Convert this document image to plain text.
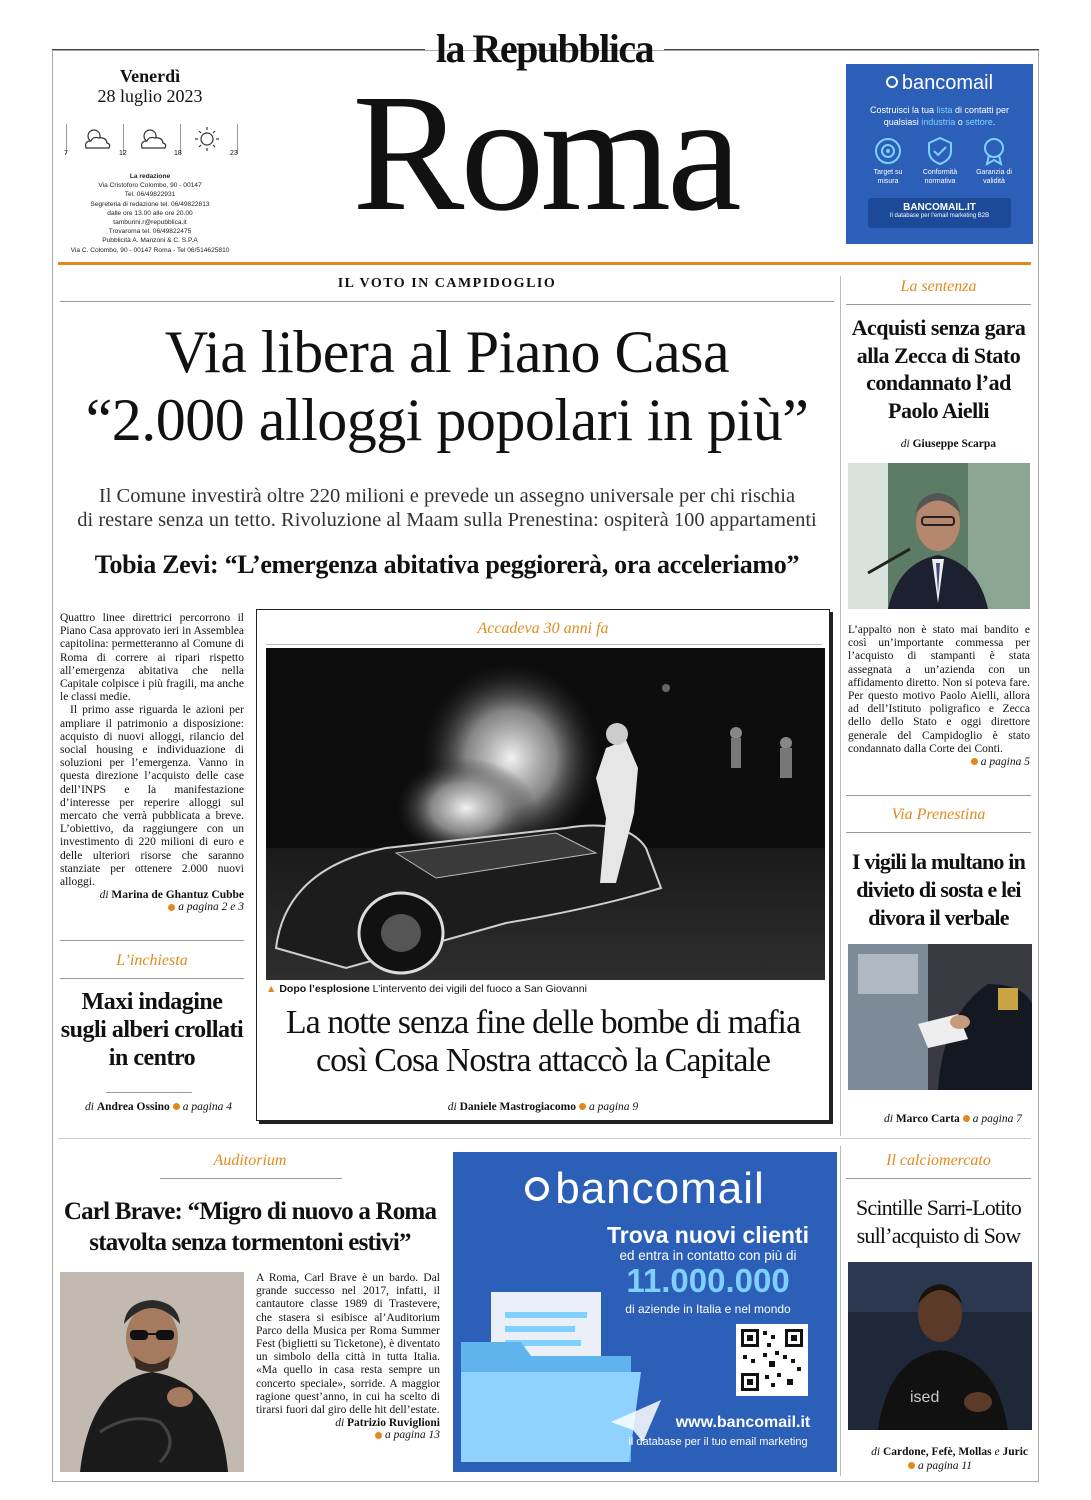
la Repubblica
Roma
Venerdì
28 luglio 2023
7	12	18	23
La redazione
Via Cristoforo Colombo, 90 - 00147
Tel. 06/49822931
Segreteria di redazione tel. 06/49822813
dalle ore 13.00 alle ore 20.00
tamburini.r@repubblica.it
Trovaroma tel. 06/49822475
Pubblicità A. Manzoni & C. S.P.A
Via C. Colombo, 90 - 00147 Roma - Tel 06/514625810
bancomail
Costruisci la tua lista di contatti per qualsiasi industria o settore.
Target su misura
Conformità normativa
Garanzia di validità
BANCOMAIL.IT
Il database per l'email marketing B2B
IL VOTO IN CAMPIDOGLIO
Via libera al Piano Casa
“2.000 alloggi popolari in più”
Il Comune investirà oltre 220 milioni e prevede un assegno universale per chi rischia
di restare senza un tetto. Rivoluzione al Maam sulla Prenestina: ospiterà 100 appartamenti
Tobia Zevi: “L’emergenza abitativa peggiorerà, ora acceleriamo”

Quattro linee direttrici percorrono il Piano Casa approvato ieri in Assemblea capitolina: permetteranno al Comune di Roma di correre ai ripari rispetto all’emergenza abitativa che nella Capitale colpisce i più fragili, ma anche le classi medie.

Il primo asse riguarda le azioni per ampliare il patrimonio a disposizione: acquisto di nuovi alloggi, rilancio del social housing e individuazione di soluzioni per l’emergenza. Vanno in questa direzione l’acquisto delle case dell’INPS e la manifestazione d’interesse per reperire alloggi sul mercato che verrà pubblicata a breve. L’obiettivo, da raggiungere con un investimento di 220 milioni di euro e delle ulteriori risorse che saranno stanziate per ottenere 2.000 nuovi alloggi.

di Marina de Ghantuz Cubbe
a pagina 2 e 3
L’inchiesta
Maxi indagine sugli alberi crollati in centro
di Andrea Ossino a pagina 4
Accadeva 30 anni fa
▲ Dopo l’esplosione L’intervento dei vigili del fuoco a San Giovanni
La notte senza fine delle bombe di mafia
così Cosa Nostra attaccò la Capitale
di Daniele Mastrogiacomo a pagina 9
La sentenza
Acquisti senza gara alla Zecca di Stato condannato l’ad Paolo Aielli
di Giuseppe Scarpa

L’appalto non è stato mai bandito e così un’importante commessa per l’acquisto di stampanti è stata assegnata a un’azienda con un affidamento diretto. Non si poteva fare. Per questo motivo Paolo Aielli, allora ad dell’Istituto poligrafico e Zecca dello dello Stato e oggi direttore generale del Campidoglio è stato condannato dalla Corte dei Conti.

a pagina 5
Via Prenestina
I vigili la multano in divieto di sosta e lei divora il verbale
di Marco Carta a pagina 7
Auditorium
Carl Brave: “Migro di nuovo a Roma stavolta senza tormentoni estivi”

A Roma, Carl Brave è un bardo. Dal grande successo nel 2017, infatti, il cantautore classe 1989 di Trastevere, che stasera si esibisce al’Auditorium Parco della Musica per Roma Summer Fest (biglietti su Ticketone), è diventato un simbolo della città in tutta Italia. «Ma quello in casa resta sempre un concerto speciale», sorride. A maggior ragione quest’anno, in cui ha scelto di tirarsi fuori dal giro delle hit dell’estate.

di Patrizio Ruviglioni
a pagina 13
bancomail
Trova nuovi clienti
ed entra in contatto con più di
11.000.000
di aziende in Italia e nel mondo
www.bancomail.it
il database per il tuo email marketing
Il calciomercato
Scintille Sarri-Lotito sull’acquisto di Sow
ised
di Cardone, Fefè, Mollas e Juric
a pagina 11
